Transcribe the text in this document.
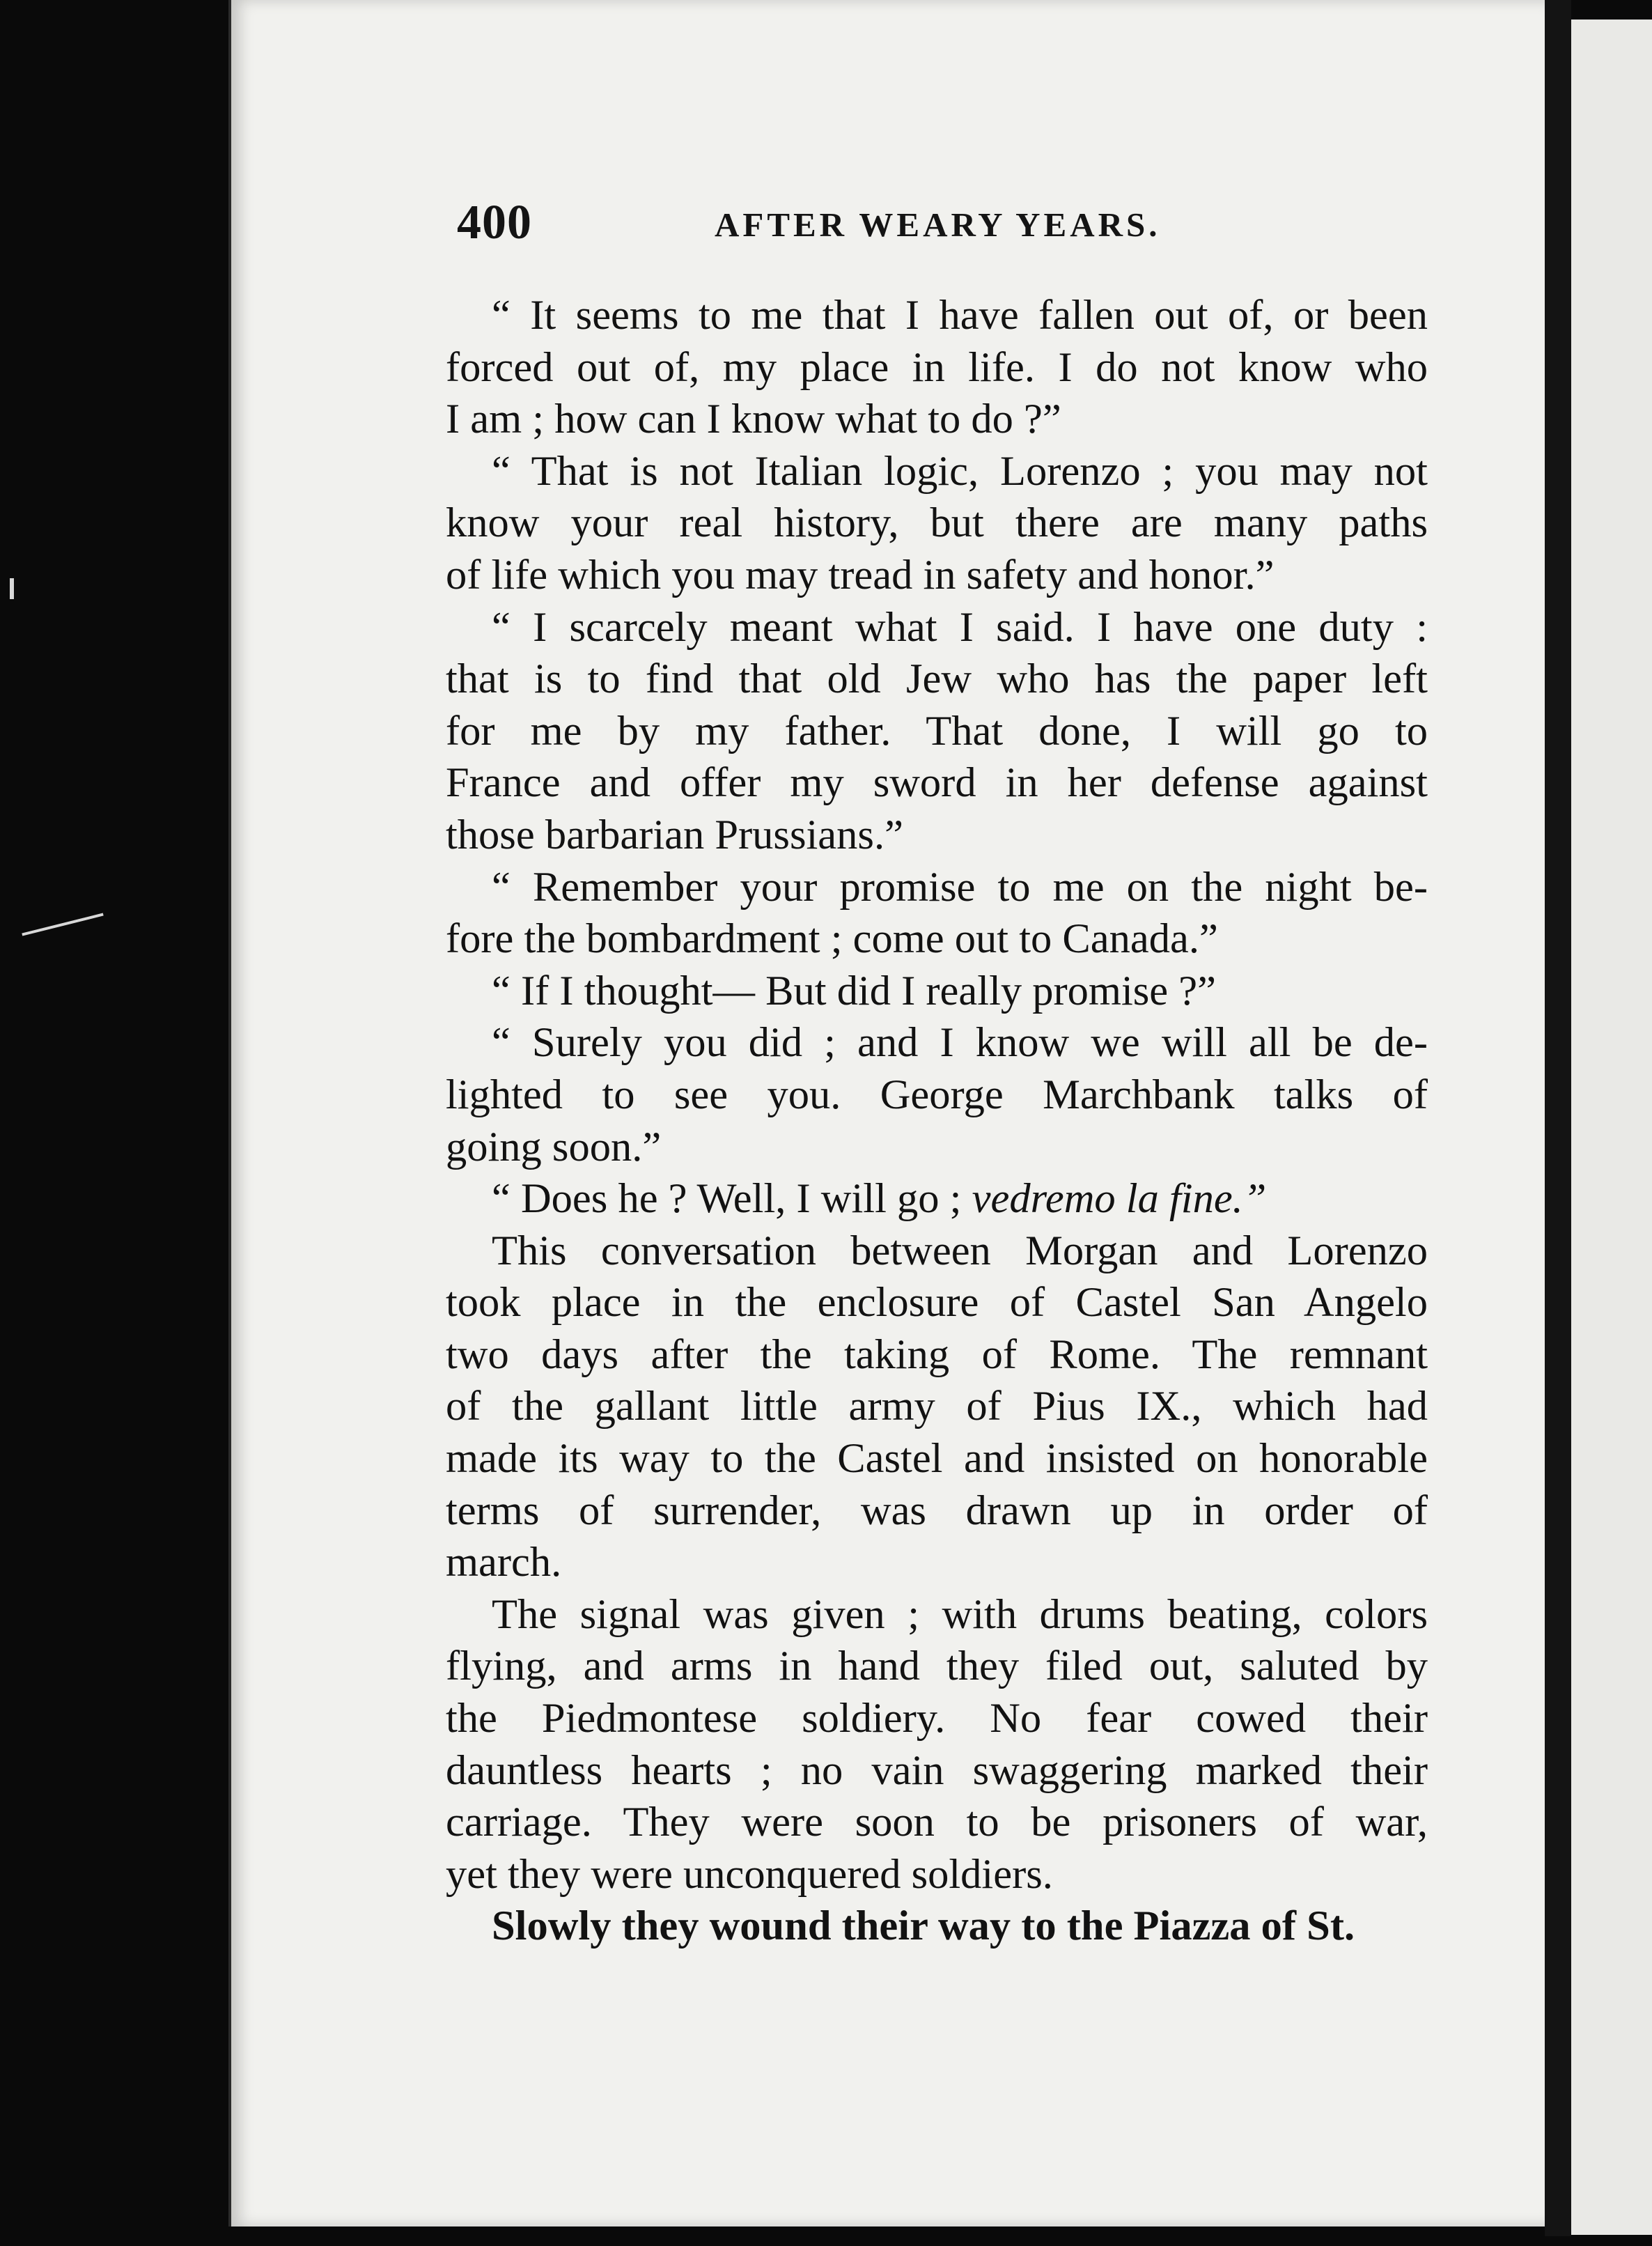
400	AFTER WEARY YEARS.
“ It seems to me that I have fallen out of, or been
forced out of, my place in life. I do not know who
I am ; how can I know what to do ?”
“ That is not Italian logic, Lorenzo ; you may not
know your real history, but there are many paths
of life which you may tread in safety and honor.”
“ I scarcely meant what I said. I have one duty :
that is to find that old Jew who has the paper left
for me by my father. That done, I will go to
France and offer my sword in her defense against
those barbarian Prussians.”
“ Remember your promise to me on the night be-
fore the bombardment ; come out to Canada.”
“ If I thought— But did I really promise ?”
“ Surely you did ; and I know we will all be de-
lighted to see you. George Marchbank talks of
going soon.”
“ Does he ? Well, I will go ; vedremo la fine.”
This conversation between Morgan and Lorenzo
took place in the enclosure of Castel San Angelo
two days after the taking of Rome. The remnant
of the gallant little army of Pius IX., which had
made its way to the Castel and insisted on honorable
terms of surrender, was drawn up in order of
march.
The signal was given ; with drums beating, colors
flying, and arms in hand they filed out, saluted by
the Piedmontese soldiery. No fear cowed their
dauntless hearts ; no vain swaggering marked their
carriage. They were soon to be prisoners of war,
yet they were unconquered soldiers.
Slowly they wound their way to the Piazza of St.
